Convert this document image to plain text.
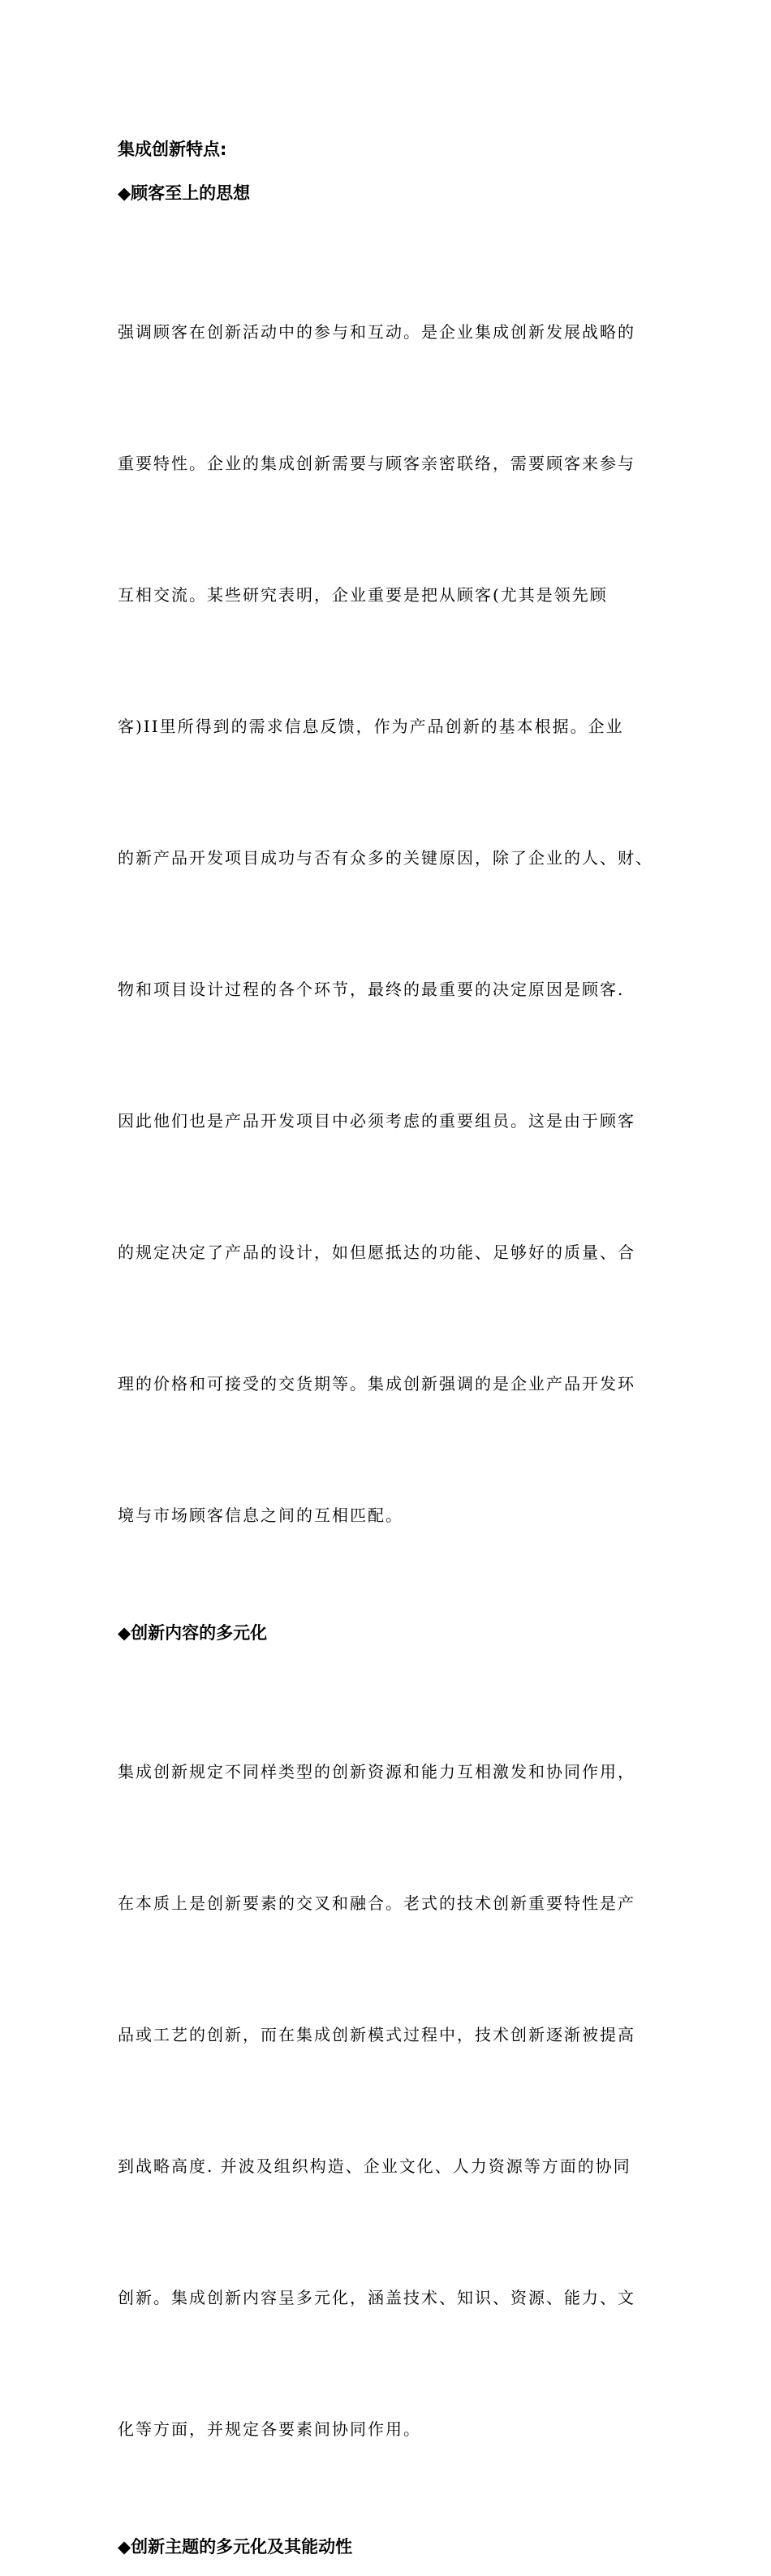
集成创新特点:
◆顾客至上的思想

强调顾客在创新活动中的参与和互动。是企业集成创新发展战略的

重要特性。企业的集成创新需要与顾客亲密联络，需要顾客来参与

互相交流。某些研究表明，企业重要是把从顾客(尤其是领先顾

客)II里所得到的需求信息反馈，作为产品创新的基本根据。企业

的新产品开发项目成功与否有众多的关键原因，除了企业的人、财、

物和项目设计过程的各个环节，最终的最重要的决定原因是顾客.

因此他们也是产品开发项目中必须考虑的重要组员。这是由于顾客

的规定决定了产品的设计，如但愿抵达的功能、足够好的质量、合

理的价格和可接受的交货期等。集成创新强调的是企业产品开发环

境与市场顾客信息之间的互相匹配。

◆创新内容的多元化

集成创新规定不同样类型的创新资源和能力互相激发和协同作用，

在本质上是创新要素的交叉和融合。老式的技术创新重要特性是产

品或工艺的创新，而在集成创新模式过程中，技术创新逐渐被提高

到战略高度. 并波及组织构造、企业文化、人力资源等方面的协同

创新。集成创新内容呈多元化，涵盖技术、知识、资源、能力、文

化等方面，并规定各要素间协同作用。

◆创新主题的多元化及其能动性
